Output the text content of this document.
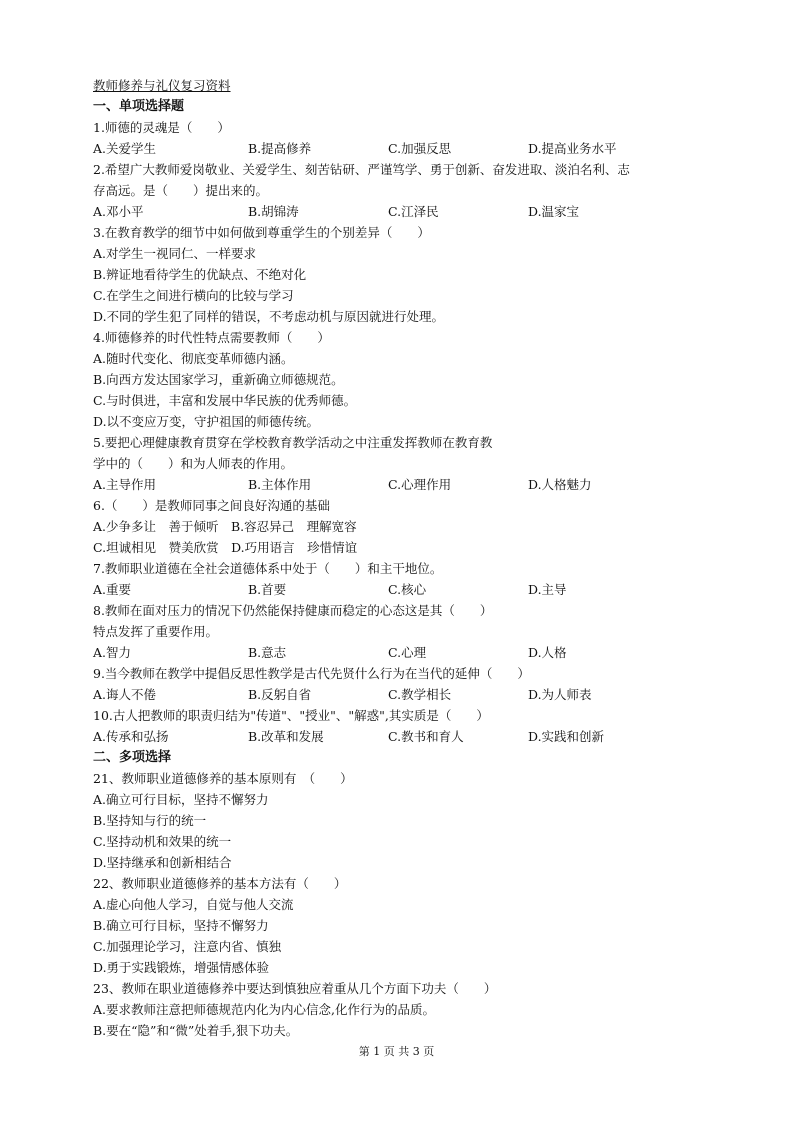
教师修养与礼仪复习资料
一、单项选择题
1.师德的灵魂是（　　）
A.关爱学生	B.提高修养	C.加强反思	D.提高业务水平
2.希望广大教师爱岗敬业、关爱学生、刻苦钻研、严谨笃学、勇于创新、奋发进取、淡泊名利、志
存高远。是（　　）提出来的。
A.邓小平	B.胡锦涛	C.江泽民	D.温家宝
3.在教育教学的细节中如何做到尊重学生的个别差异（　　）
A.对学生一视同仁、一样要求
B.辨证地看待学生的优缺点、不绝对化
C.在学生之间进行横向的比较与学习
D.不同的学生犯了同样的错误，不考虑动机与原因就进行处理。
4.师德修养的时代性特点需要教师（　　）
A.随时代变化、彻底变革师德内涵。
B.向西方发达国家学习，重新确立师德规范。
C.与时俱进，丰富和发展中华民族的优秀师德。
D.以不变应万变，守护祖国的师德传统。
5.要把心理健康教育贯穿在学校教育教学活动之中注重发挥教师在教育教
学中的（　　）和为人师表的作用。
A.主导作用	B.主体作用	C.心理作用	D.人格魅力
6.（　　）是教师同事之间良好沟通的基础
A.少争多让　善于倾听　B.容忍异己　理解宽容
C.坦诚相见　赞美欣赏　D.巧用语言　珍惜情谊
7.教师职业道德在全社会道德体系中处于（　　）和主干地位。
A.重要	B.首要	C.核心	D.主导
8.教师在面对压力的情况下仍然能保持健康而稳定的心态这是其（　　）
特点发挥了重要作用。
A.智力	B.意志	C.心理	D.人格
9.当今教师在教学中提倡反思性教学是古代先贤什么行为在当代的延伸（　　）
A.诲人不倦	B.反躬自省	C.教学相长	D.为人师表
10.古人把教师的职责归结为"传道"、"授业"、"解惑",其实质是（　　）
A.传承和弘扬	B.改革和发展	C.教书和育人	D.实践和创新
二、多项选择
21、教师职业道德修养的基本原则有　（　　）
A.确立可行目标，坚持不懈努力
B.坚持知与行的统一
C.坚持动机和效果的统一
D.坚持继承和创新相结合
22、教师职业道德修养的基本方法有（　　）
A.虚心向他人学习，自觉与他人交流
B.确立可行目标，坚持不懈努力
C.加强理论学习，注意内省、慎独
D.勇于实践锻炼，增强情感体验
23、教师在职业道德修养中要达到慎独应着重从几个方面下功夫（　　）
A.要求教师注意把师德规范内化为内心信念,化作行为的品质。
B.要在“隐”和“微”处着手,狠下功夫。
第 1 页 共 3 页
